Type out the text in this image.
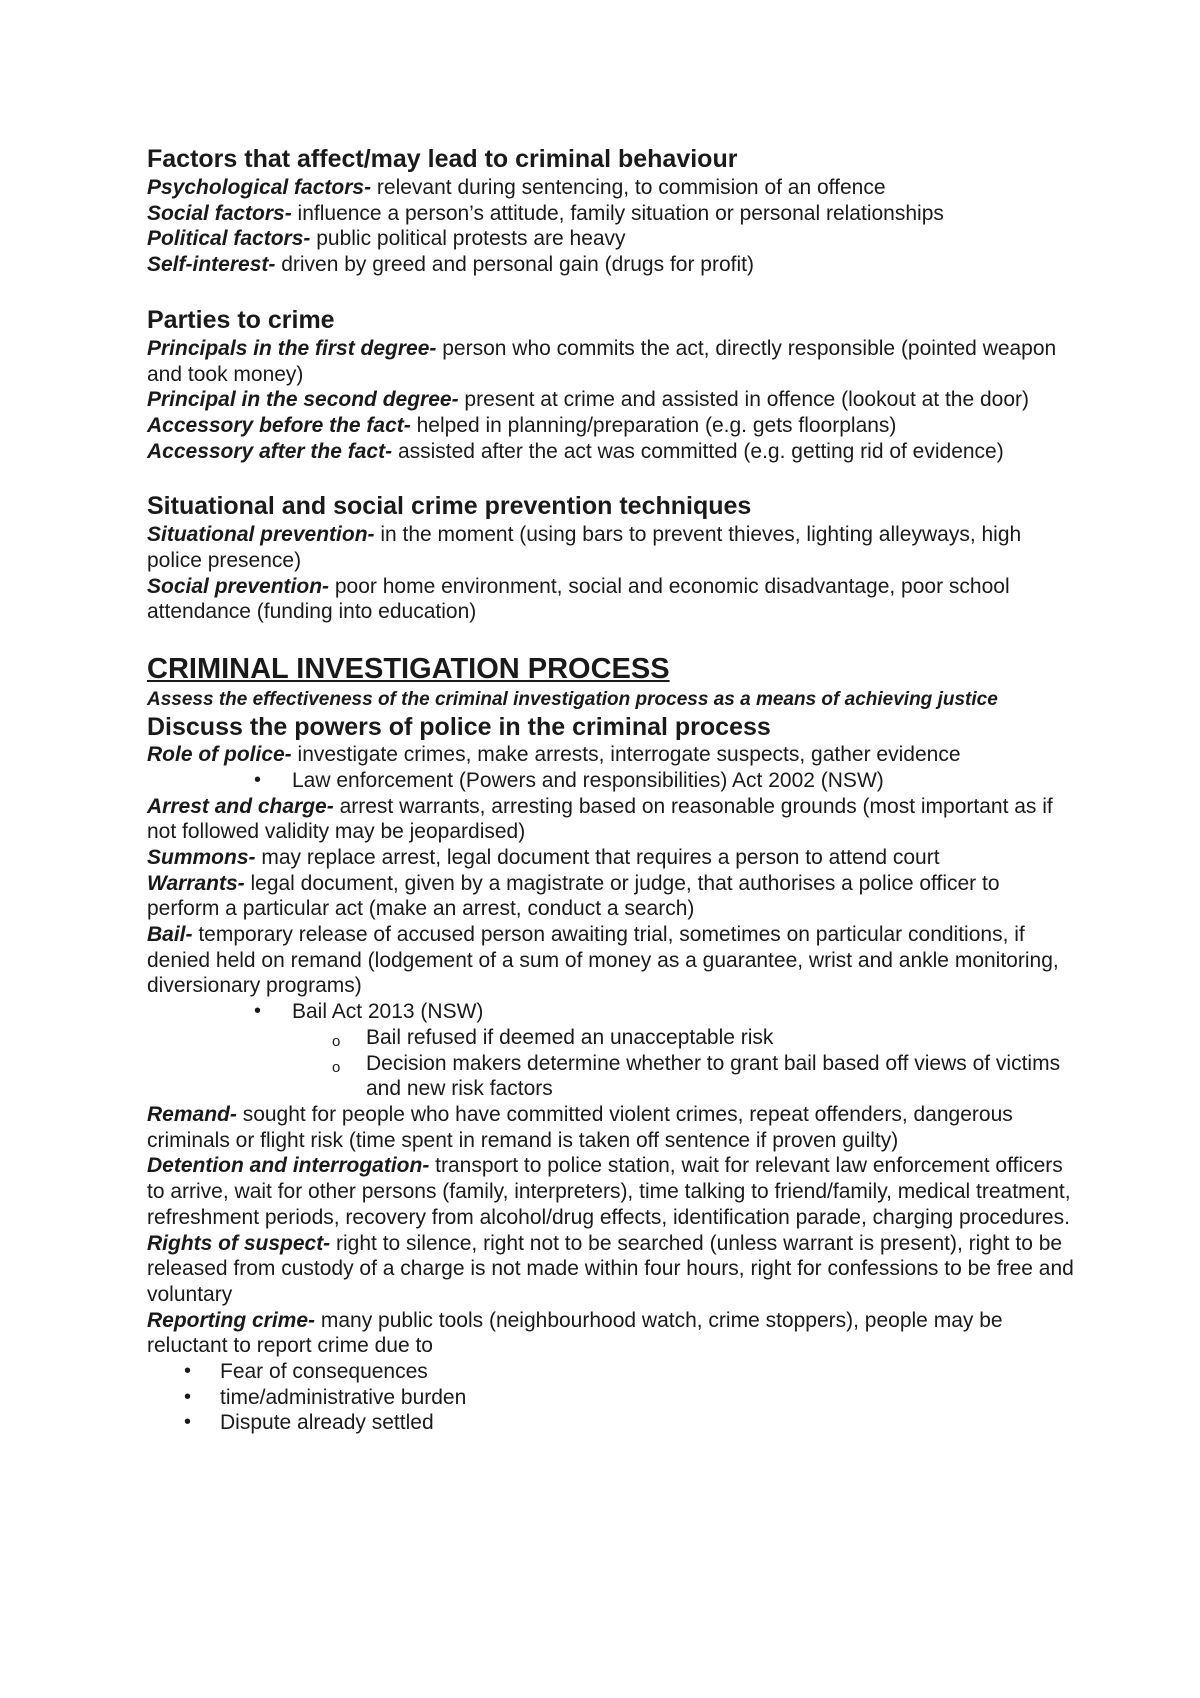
Factors that affect/may lead to criminal behaviour

Psychological factors- relevant during sentencing, to commision of an offence

Social factors- influence a person’s attitude, family situation or personal relationships

Political factors- public political protests are heavy

Self-interest- driven by greed and personal gain (drugs for profit)

Parties to crime

Principals in the first degree- person who commits the act, directly responsible (pointed weapon and took money)

Principal in the second degree- present at crime and assisted in offence (lookout at the door)

Accessory before the fact- helped in planning/preparation (e.g. gets floorplans)

Accessory after the fact- assisted after the act was committed (e.g. getting rid of evidence)

Situational and social crime prevention techniques

Situational prevention- in the moment (using bars to prevent thieves, lighting alleyways, high police presence)

Social prevention- poor home environment, social and economic disadvantage, poor school attendance (funding into education)

CRIMINAL INVESTIGATION PROCESS

Assess the effectiveness of the criminal investigation process as a means of achieving justice

Discuss the powers of police in the criminal process

Role of police- investigate crimes, make arrests, interrogate suspects, gather evidence

• Law enforcement (Powers and responsibilities) Act 2002 (NSW)

Arrest and charge- arrest warrants, arresting based on reasonable grounds (most important as if not followed validity may be jeopardised)

Summons- may replace arrest, legal document that requires a person to attend court

Warrants- legal document, given by a magistrate or judge, that authorises a police officer to perform a particular act (make an arrest, conduct a search)

Bail- temporary release of accused person awaiting trial, sometimes on particular conditions, if denied held on remand (lodgement of a sum of money as a guarantee, wrist and ankle monitoring, diversionary programs)

• Bail Act 2013 (NSW)
o Bail refused if deemed an unacceptable risk
o Decision makers determine whether to grant bail based off views of victims and new risk factors

Remand- sought for people who have committed violent crimes, repeat offenders, dangerous criminals or flight risk (time spent in remand is taken off sentence if proven guilty)

Detention and interrogation- transport to police station, wait for relevant law enforcement officers to arrive, wait for other persons (family, interpreters), time talking to friend/family, medical treatment, refreshment periods, recovery from alcohol/drug effects, identification parade, charging procedures.

Rights of suspect- right to silence, right not to be searched (unless warrant is present), right to be released from custody of a charge is not made within four hours, right for confessions to be free and voluntary

Reporting crime- many public tools (neighbourhood watch, crime stoppers), people may be reluctant to report crime due to

• Fear of consequences
• time/administrative burden
• Dispute already settled
